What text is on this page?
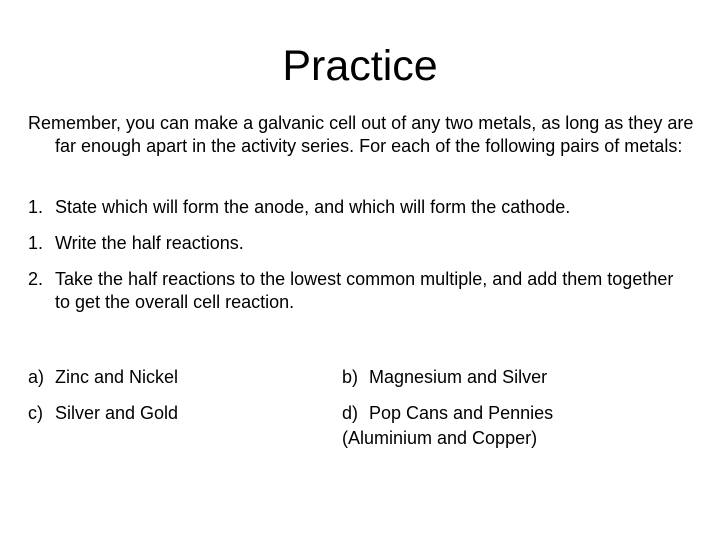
Practice
Remember, you can make a galvanic cell out of any two metals, as long as they are far enough apart in the activity series. For each of the following pairs of metals:
1. State which will form the anode, and which will form the cathode.
1. Write the half reactions.
2. Take the half reactions to the lowest common multiple, and add them together to get the overall cell reaction.
a) Zinc and Nickel	b) Magnesium and Silver
c) Silver and Gold	d) Pop Cans and Pennies
(Aluminium and Copper)
